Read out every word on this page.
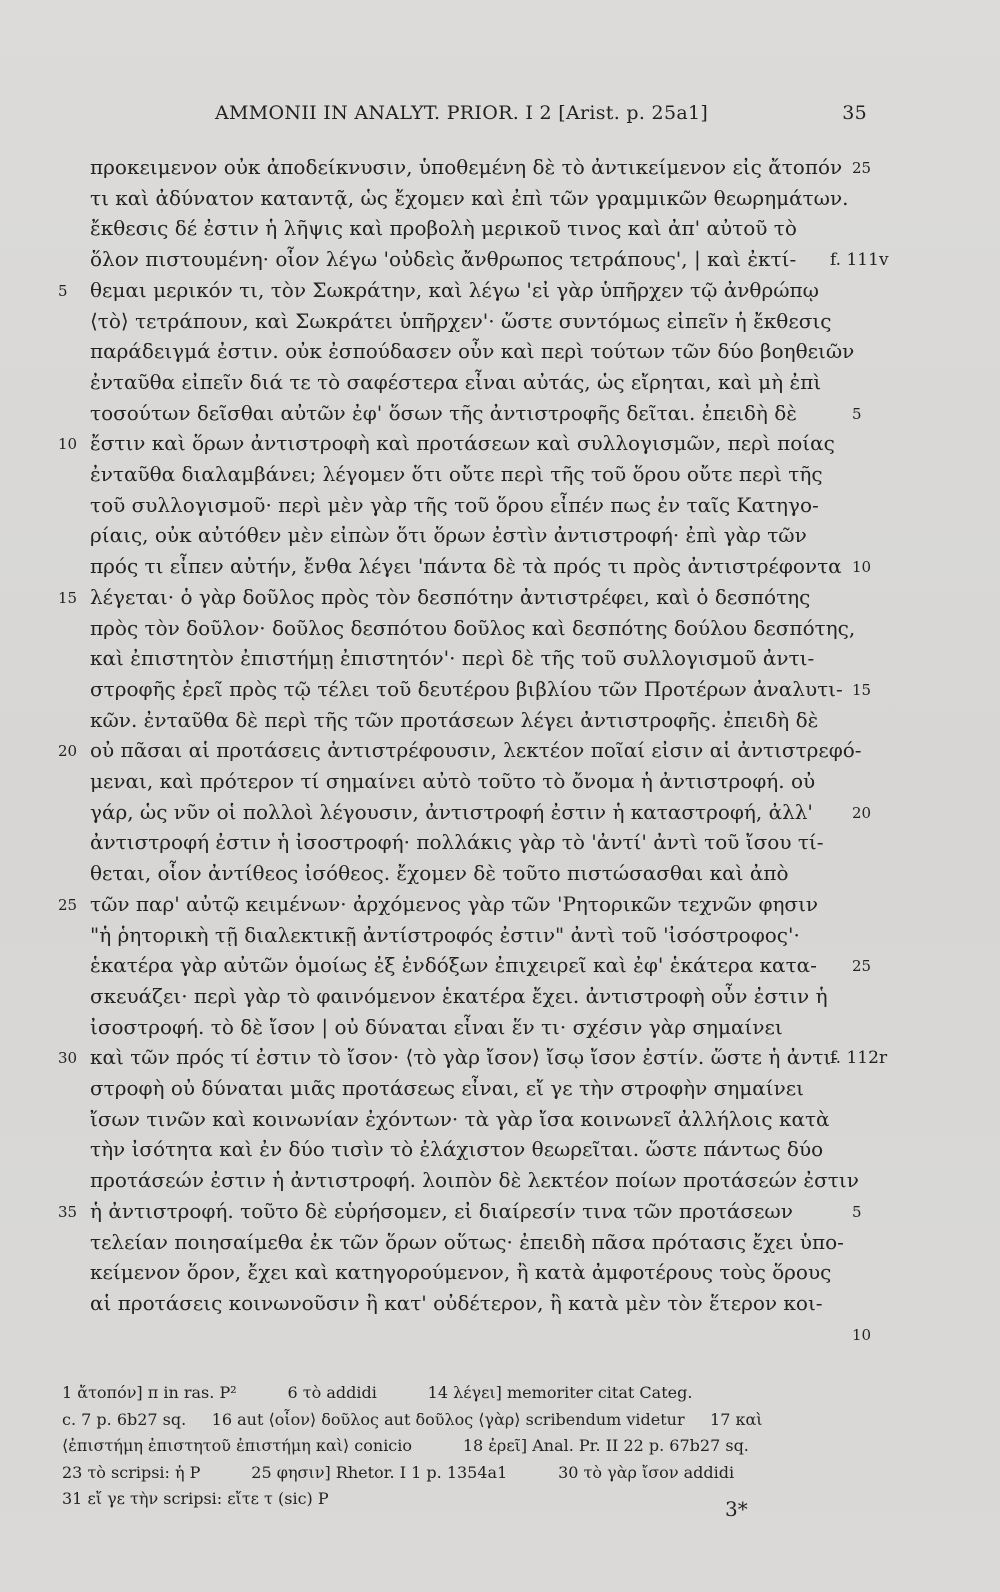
AMMONII IN ANALYT. PRIOR. I 2 [Arist. p. 25a1]	35
προκειμενον οὐκ ἀποδείκνυσιν, ὑποθεμένη δὲ τὸ ἀντικείμενον εἰς ἄτοπόν
τι καὶ ἀδύνατον καταντᾷ, ὡς ἔχομεν καὶ ἐπὶ τῶν γραμμικῶν θεωρημάτων.
ἔκθεσις δέ ἐστιν ἡ λῆψις καὶ προβολὴ μερικοῦ τινος καὶ ἀπ' αὐτοῦ τὸ
ὅλον πιστουμένη· οἷον λέγω 'οὐδεὶς ἄνθρωπος τετράπους', | καὶ ἐκτί-
θεμαι μερικόν τι, τὸν Σωκράτην, καὶ λέγω 'εἰ γὰρ ὑπῆρχεν τῷ ἀνθρώπῳ
⟨τὸ⟩ τετράπουν, καὶ Σωκράτει ὑπῆρχεν'· ὥστε συντόμως εἰπεῖν ἡ ἔκθεσις
παράδειγμά ἐστιν. οὐκ ἐσπούδασεν οὖν καὶ περὶ τούτων τῶν δύο βοηθειῶν
ἐνταῦθα εἰπεῖν διά τε τὸ σαφέστερα εἶναι αὐτάς, ὡς εἴρηται, καὶ μὴ ἐπὶ
τοσούτων δεῖσθαι αὐτῶν ἐφ' ὅσων τῆς ἀντιστροφῆς δεῖται. ἐπειδὴ δὲ
ἔστιν καὶ ὅρων ἀντιστροφὴ καὶ προτάσεων καὶ συλλογισμῶν, περὶ ποίας
ἐνταῦθα διαλαμβάνει; λέγομεν ὅτι οὔτε περὶ τῆς τοῦ ὅρου οὔτε περὶ τῆς
τοῦ συλλογισμοῦ· περὶ μὲν γὰρ τῆς τοῦ ὅρου εἶπέν πως ἐν ταῖς Κατηγο-
ρίαις, οὐκ αὐτόθεν μὲν εἰπὼν ὅτι ὅρων ἐστὶν ἀντιστροφή· ἐπὶ γὰρ τῶν
πρός τι εἶπεν αὐτήν, ἔνθα λέγει 'πάντα δὲ τὰ πρός τι πρὸς ἀντιστρέφοντα
λέγεται· ὁ γὰρ δοῦλος πρὸς τὸν δεσπότην ἀντιστρέφει, καὶ ὁ δεσπότης
πρὸς τὸν δοῦλον· δοῦλος δεσπότου δοῦλος καὶ δεσπότης δούλου δεσπότης,
καὶ ἐπιστητὸν ἐπιστήμῃ ἐπιστητόν'· περὶ δὲ τῆς τοῦ συλλογισμοῦ ἀντι-
στροφῆς ἐρεῖ πρὸς τῷ τέλει τοῦ δευτέρου βιβλίου τῶν Προτέρων ἀναλυτι-
κῶν. ἐνταῦθα δὲ περὶ τῆς τῶν προτάσεων λέγει ἀντιστροφῆς. ἐπειδὴ δὲ
οὐ πᾶσαι αἱ προτάσεις ἀντιστρέφουσιν, λεκτέον ποῖαί εἰσιν αἱ ἀντιστρεφό-
μεναι, καὶ πρότερον τί σημαίνει αὐτὸ τοῦτο τὸ ὄνομα ἡ ἀντιστροφή. οὐ
γάρ, ὡς νῦν οἱ πολλοὶ λέγουσιν, ἀντιστροφή ἐστιν ἡ καταστροφή, ἀλλ'
ἀντιστροφή ἐστιν ἡ ἰσοστροφή· πολλάκις γὰρ τὸ 'ἀντί' ἀντὶ τοῦ ἴσου τί-
θεται, οἷον ἀντίθεος ἰσόθεος. ἔχομεν δὲ τοῦτο πιστώσασθαι καὶ ἀπὸ
τῶν παρ' αὐτῷ κειμένων· ἀρχόμενος γὰρ τῶν 'Ρητορικῶν τεχνῶν φησιν
"ἡ ῥητορικὴ τῇ διαλεκτικῇ ἀντίστροφός ἐστιν" ἀντὶ τοῦ 'ἰσόστροφος'·
ἑκατέρα γὰρ αὐτῶν ὁμοίως ἐξ ἐνδόξων ἐπιχειρεῖ καὶ ἐφ' ἑκάτερα κατα-
σκευάζει· περὶ γὰρ τὸ φαινόμενον ἑκατέρα ἔχει. ἀντιστροφὴ οὖν ἐστιν ἡ
ἰσοστροφή. τὸ δὲ ἴσον | οὐ δύναται εἶναι ἕν τι· σχέσιν γὰρ σημαίνει
καὶ τῶν πρός τί ἐστιν τὸ ἴσον· ⟨τὸ γὰρ ἴσον⟩ ἴσῳ ἴσον ἐστίν. ὥστε ἡ ἀντι-
στροφὴ οὐ δύναται μιᾶς προτάσεως εἶναι, εἴ γε τὴν στροφὴν σημαίνει
ἴσων τινῶν καὶ κοινωνίαν ἐχόντων· τὰ γὰρ ἴσα κοινωνεῖ ἀλλήλοις κατὰ
τὴν ἰσότητα καὶ ἐν δύο τισὶν τὸ ἐλάχιστον θεωρεῖται. ὥστε πάντως δύο
προτάσεών ἐστιν ἡ ἀντιστροφή. λοιπὸν δὲ λεκτέον ποίων προτάσεών ἐστιν
ἡ ἀντιστροφή. τοῦτο δὲ εὑρήσομεν, εἰ διαίρεσίν τινα τῶν προτάσεων
τελείαν ποιησαίμεθα ἐκ τῶν ὅρων οὕτως· ἐπειδὴ πᾶσα πρότασις ἔχει ὑπο-
κείμενον ὅρον, ἔχει καὶ κατηγορούμενον, ἢ κατὰ ἀμφοτέρους τοὺς ὅρους
αἱ προτάσεις κοινωνοῦσιν ἢ κατ' οὐδέτερον, ἢ κατὰ μὲν τὸν ἕτερον κοι-
5
10
15
20
25
30
35
25
5
10
15
20
25
5
10
f. 111v
f. 112r
1 ἄτοπόν] π in ras. P²          6 τὸ addidi          14 λέγει] memoriter citat Categ.
c. 7 p. 6b27 sq.     16 aut ⟨οἷον⟩ δοῦλος aut δοῦλος ⟨γὰρ⟩ scribendum videtur     17 καὶ
⟨ἐπιστήμη ἐπιστητοῦ ἐπιστήμη καὶ⟩ conicio          18 ἐρεῖ] Anal. Pr. II 22 p. 67b27 sq.
23 τὸ scripsi: ἡ P          25 φησιν] Rhetor. I 1 p. 1354a1          30 τὸ γὰρ ἴσον addidi
31 εἴ γε τὴν scripsi: εἴτε τ (sic) P	3*
